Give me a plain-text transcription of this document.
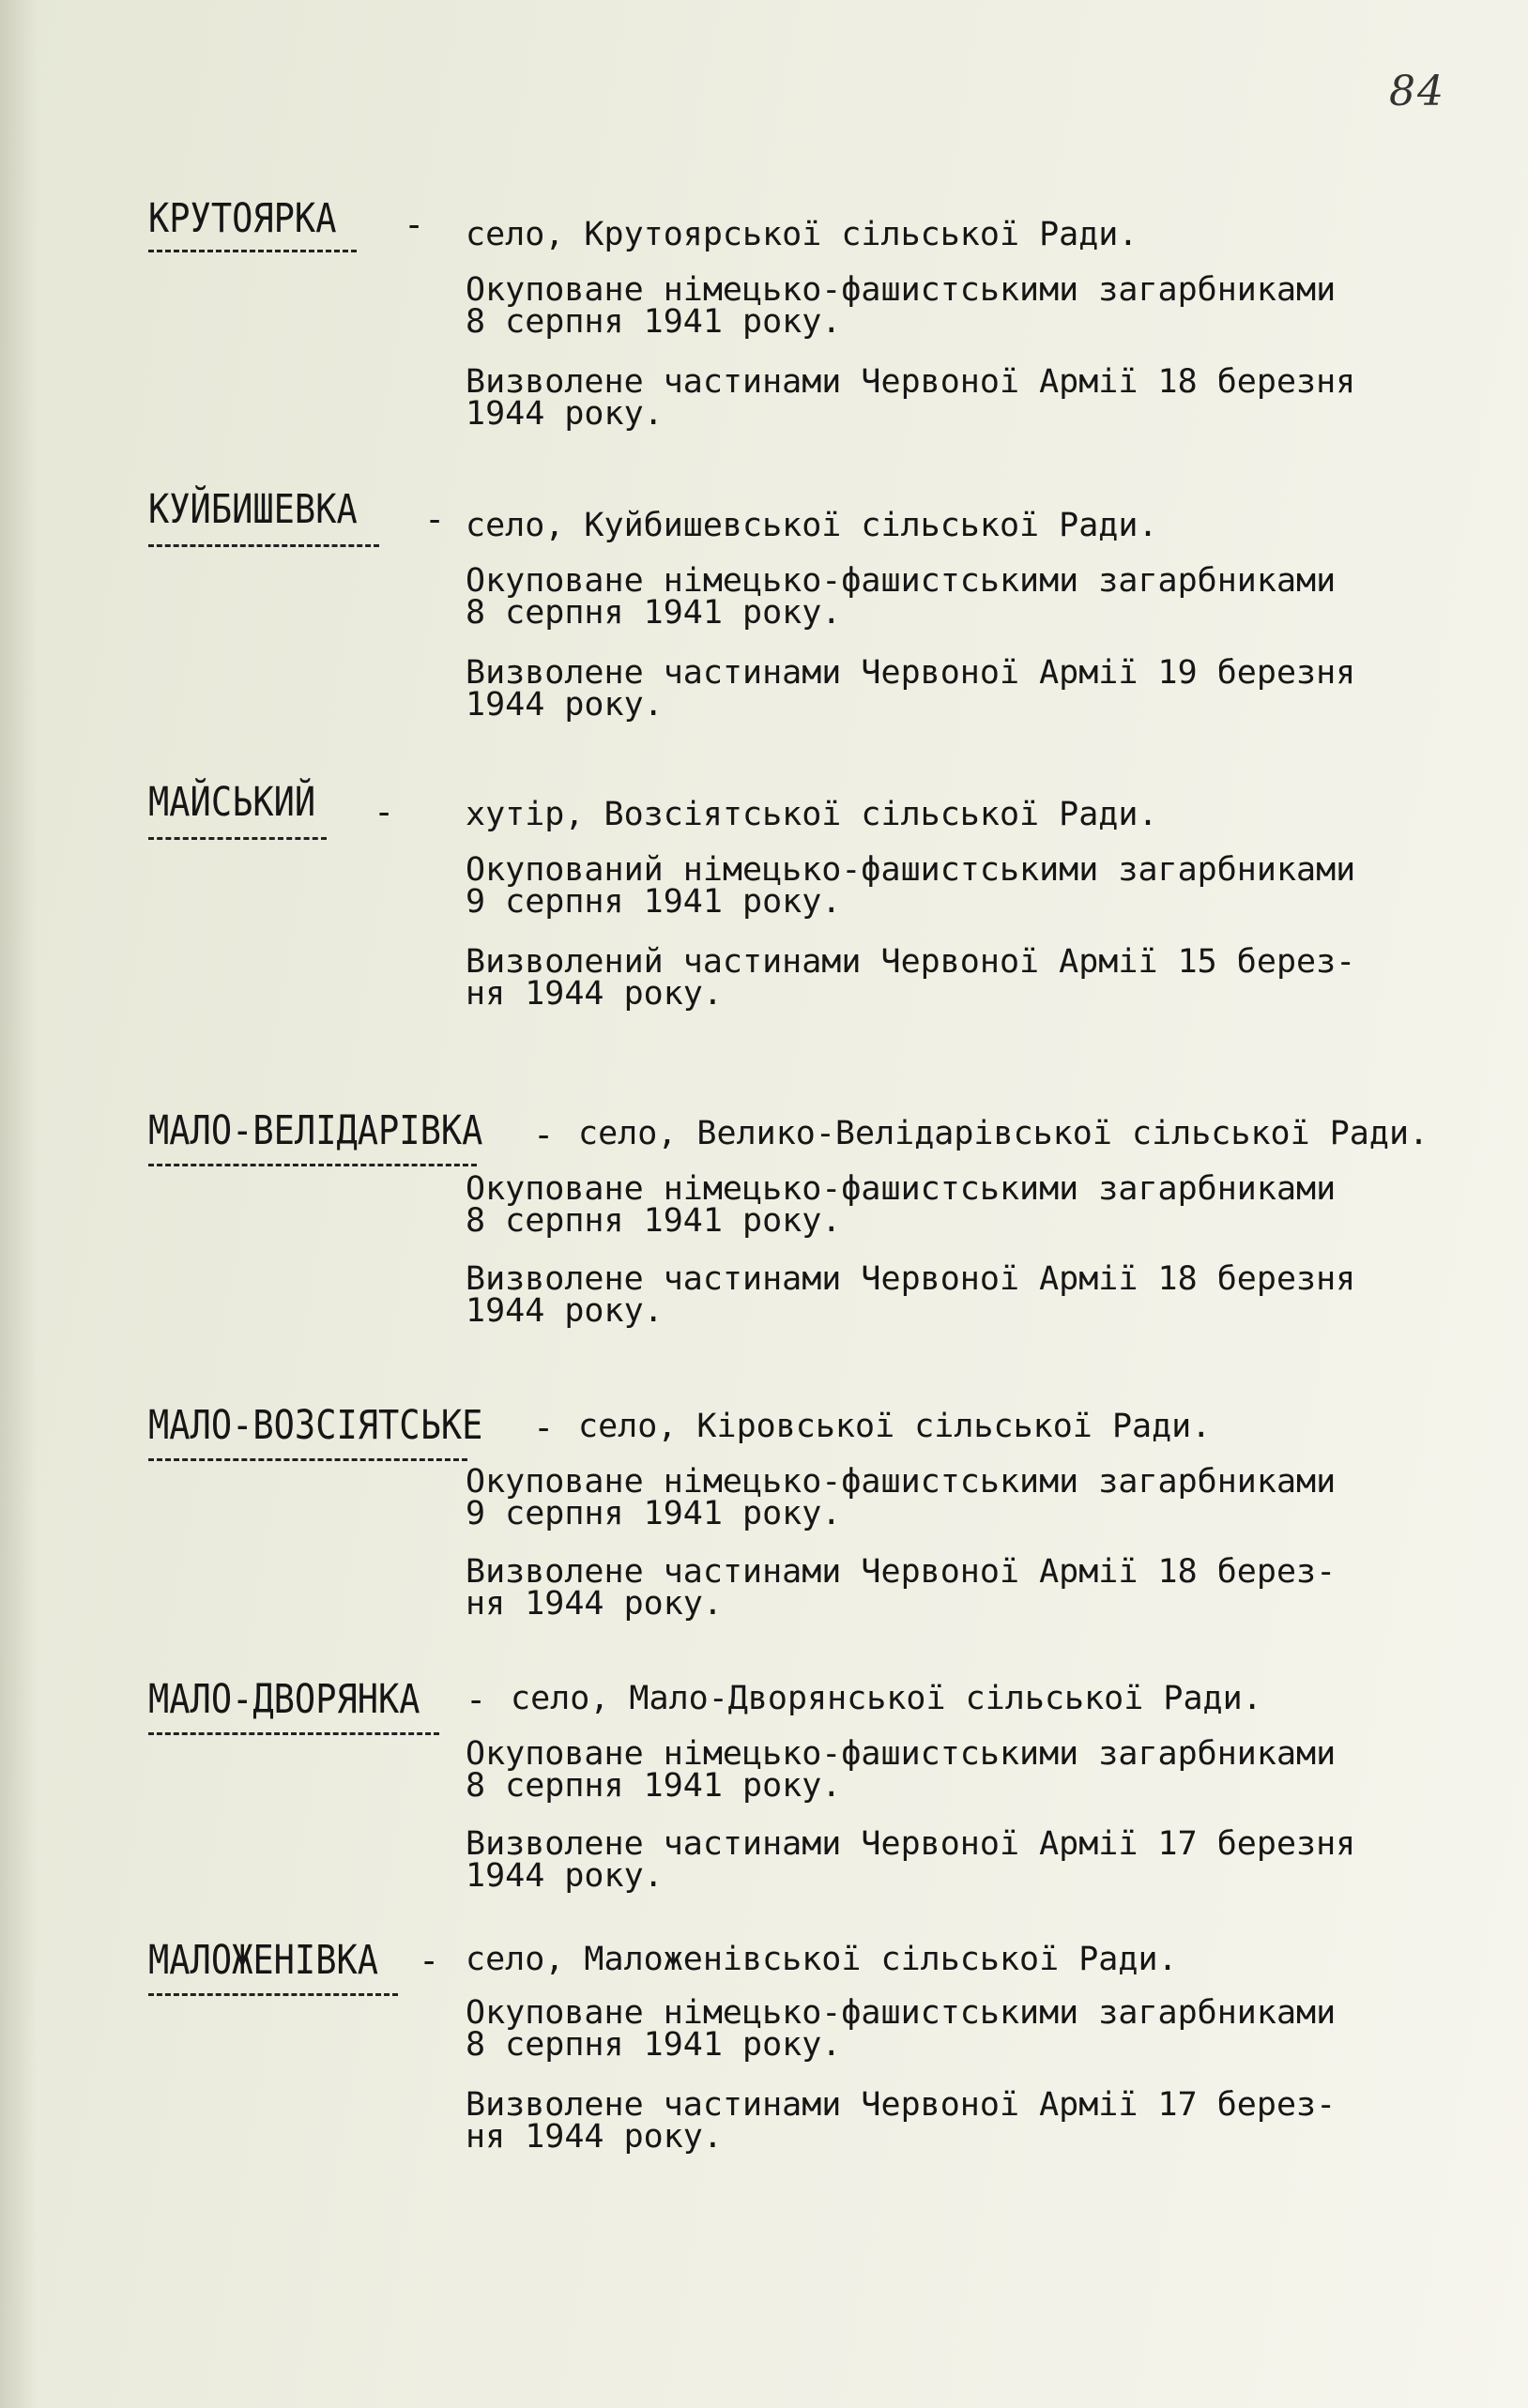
84
КРУТОЯРКА - село, Крутоярської сільської Ради.
Окуповане німецько-фашистськими загарбниками
8 серпня 1941 року.
Визволене частинами Червоної Армії 18 березня
1944 року.
КУЙБИШЕВКА - село, Куйбишевської сільської Ради.
Окуповане німецько-фашистськими загарбниками
8 серпня 1941 року.
Визволене частинами Червоної Армії 19 березня
1944 року.
МАЙСЬКИЙ - хутір, Возсіятської сільської Ради.
Окупований німецько-фашистськими загарбниками
9 серпня 1941 року.
Визволений частинами Червоної Армії 15 берез-
ня 1944 року.
МАЛО-ВЕЛІДАРІВКА - село, Велико-Велідарівської сільської Ради.
Окуповане німецько-фашистськими загарбниками
8 серпня 1941 року.
Визволене частинами Червоної Армії 18 березня
1944 року.
МАЛО-ВОЗСІЯТСЬКЕ - село, Кіровської сільської Ради.
Окуповане німецько-фашистськими загарбниками
9 серпня 1941 року.
Визволене частинами Червоної Армії 18 берез-
ня 1944 року.
МАЛО-ДВОРЯНКА - село, Мало-Дворянської сільської Ради.
Окуповане німецько-фашистськими загарбниками
8 серпня 1941 року.
Визволене частинами Червоної Армії 17 березня
1944 року.
МАЛОЖЕНІВКА - село, Маложенівської сільської Ради.
Окуповане німецько-фашистськими загарбниками
8 серпня 1941 року.
Визволене частинами Червоної Армії 17 берез-
ня 1944 року.
